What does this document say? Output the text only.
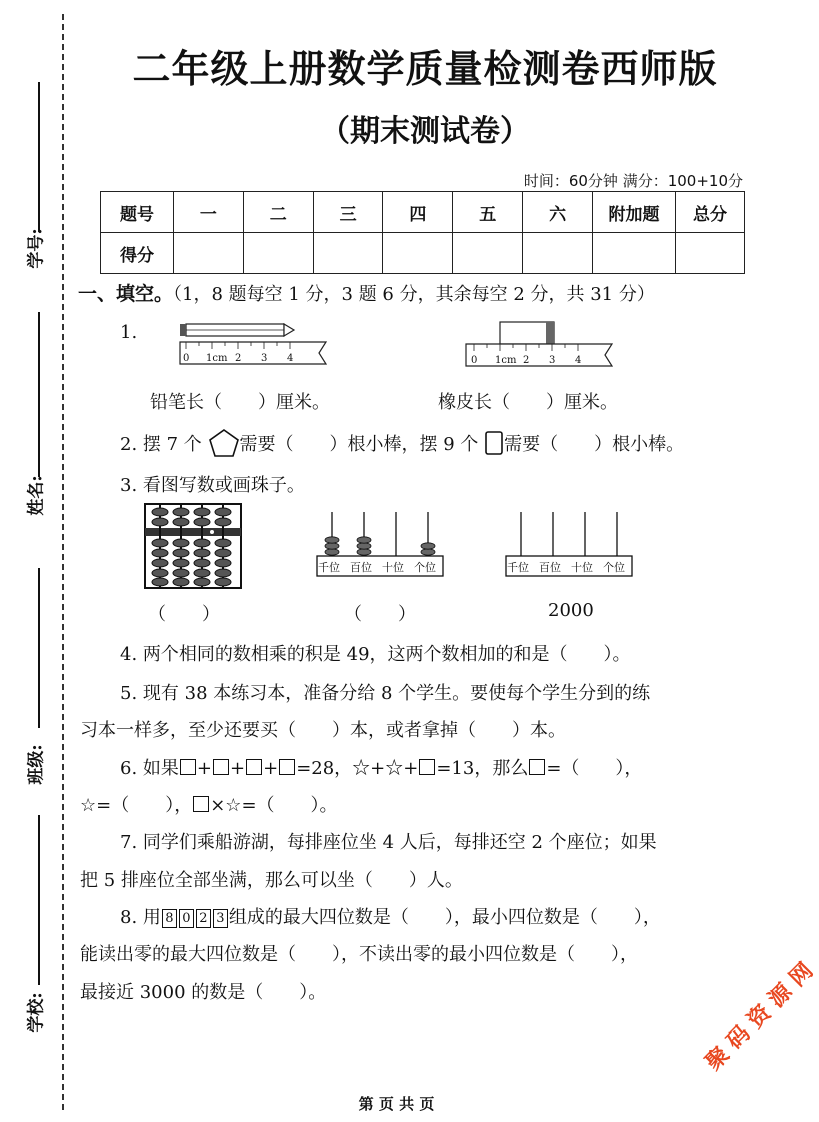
学号:
姓名:
班级:
学校:
二年级上册数学质量检测卷西师版
（期末测试卷）
时间：60分钟 满分：100+10分
题号	一	二	三	四	五	六	附加题	总分
得分								
一、填空。（1，8 题每空 1 分，3 题 6 分，其余每空 2 分，共 31 分）
1.
0 1cm 2 3 4	0 1cm 2 3 4
铅笔长（　　）厘米。	橡皮长（　　）厘米。
2. 摆 7 个 需要（　　）根小棒，摆 9 个 需要（　　）根小棒。
3. 看图写数或画珠子。
千位 百位 十位 个位	千位 百位 十位 个位
（　　）	（　　）	2000
4. 两个相同的数相乘的积是 49，这两个数相加的和是（　　）。
5. 现有 38 本练习本，准备分给 8 个学生。要使每个学生分到的练
习本一样多，至少还要买（　　）本，或者拿掉（　　）本。
6. 如果 + + + =28，☆+☆+ =13，那么 =（　　），
☆=（　　）， ×☆=（　　）。
7. 同学们乘船游湖，每排座位坐 4 人后，每排还空 2 个座位；如果
把 5 排座位全部坐满，那么可以坐（　　）人。
8. 用 8 0 2 3 组成的最大四位数是（　　），最小四位数是（　　），
能读出零的最大四位数是（　　），不读出零的最小四位数是（　　），
最接近 3000 的数是（　　）。	聚 码 资 源 网
第 页 共 页
